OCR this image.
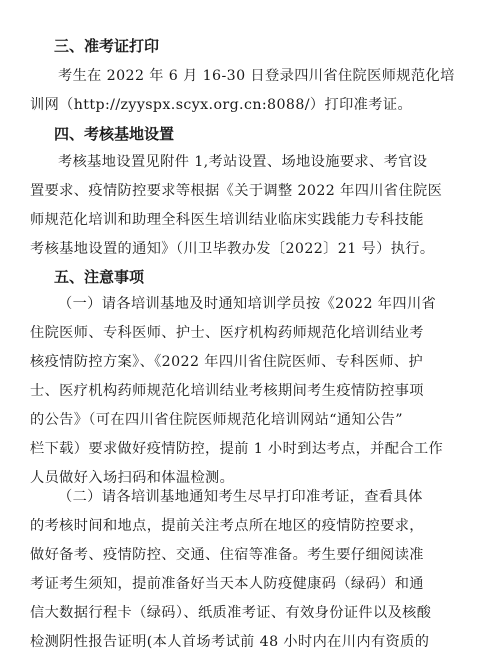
三、准考证打印
考生在 2022 年 6 月 16-30 日登录四川省住院医师规范化培
训网（http://zyyspx.scyx.org.cn:8088/）打印准考证。
四、考核基地设置
考核基地设置见附件 1,考站设置、场地设施要求、考官设
置要求、疫情防控要求等根据《关于调整 2022 年四川省住院医
师规范化培训和助理全科医生培训结业临床实践能力专科技能
考核基地设置的通知》（川卫毕教办发〔2022〕21 号）执行。
五、注意事项
（一）请各培训基地及时通知培训学员按《2022 年四川省
住院医师、专科医师、护士、医疗机构药师规范化培训结业考
核疫情防控方案》、《2022 年四川省住院医师、专科医师、护
士、医疗机构药师规范化培训结业考核期间考生疫情防控事项
的公告》（可在四川省住院医师规范化培训网站“通知公告”
栏下载）要求做好疫情防控，提前 1 小时到达考点，并配合工作
人员做好入场扫码和体温检测。
（二）请各培训基地通知考生尽早打印准考证，查看具体
的考核时间和地点，提前关注考点所在地区的疫情防控要求，
做好备考、疫情防控、交通、住宿等准备。考生要仔细阅读准
考证考生须知，提前准备好当天本人防疫健康码（绿码）和通
信大数据行程卡（绿码）、纸质准考证、有效身份证件以及核酸
检测阴性报告证明(本人首场考试前 48 小时内在川内有资质的
